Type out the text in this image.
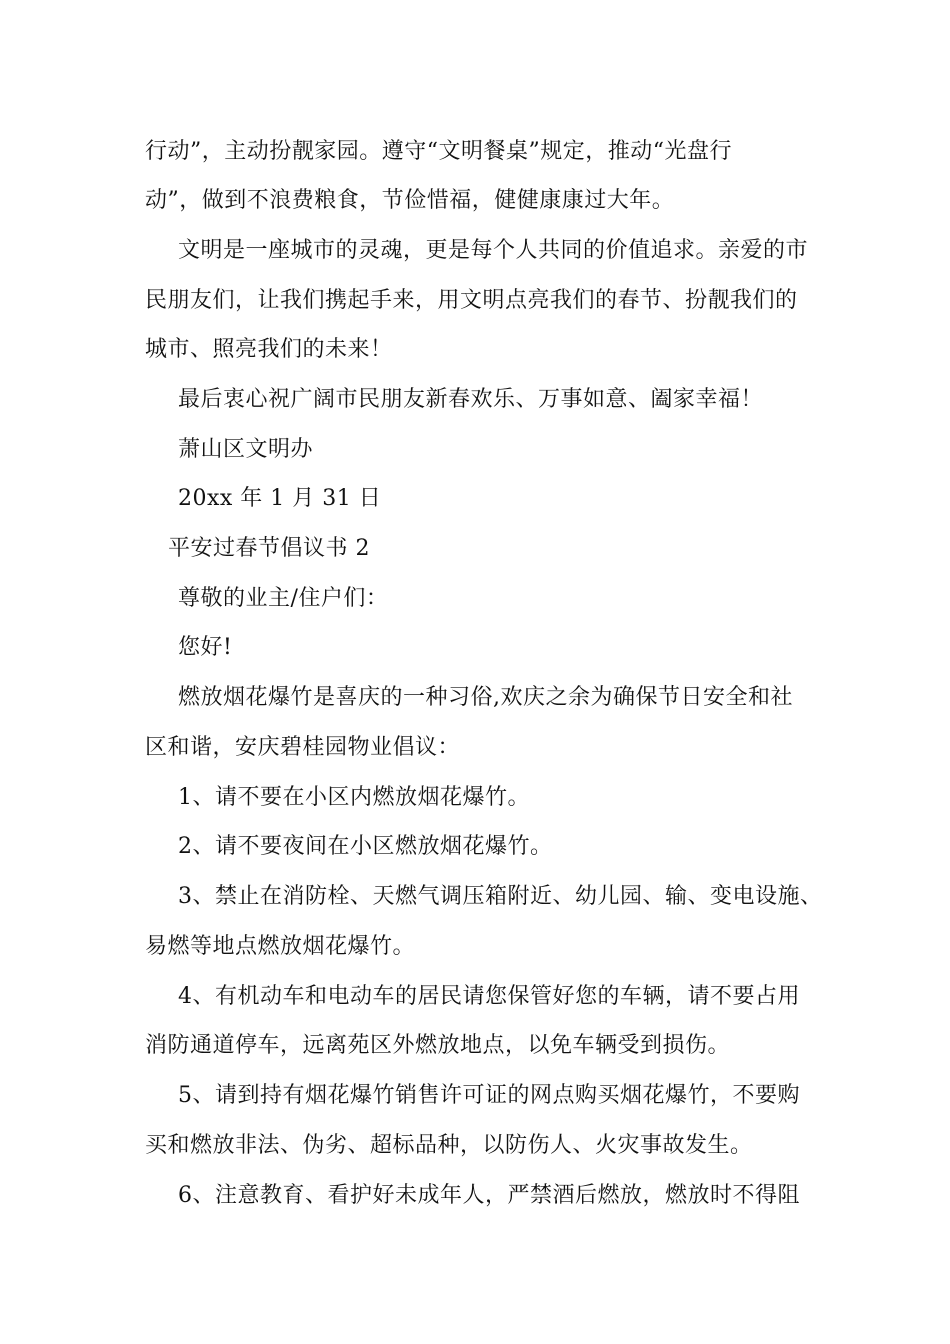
行动”，主动扮靓家园。遵守“文明餐桌”规定，推动“光盘行
动”，做到不浪费粮食，节俭惜福，健健康康过大年。
文明是一座城市的灵魂，更是每个人共同的价值追求。亲爱的市
民朋友们，让我们携起手来，用文明点亮我们的春节、扮靓我们的
城市、照亮我们的未来！
最后衷心祝广阔市民朋友新春欢乐、万事如意、阖家幸福！
萧山区文明办
20xx 年 1 月 31 日
平安过春节倡议书 2
尊敬的业主/住户们：
您好!
燃放烟花爆竹是喜庆的一种习俗,欢庆之余为确保节日安全和社
区和谐，安庆碧桂园物业倡议：
1、请不要在小区内燃放烟花爆竹。
2、请不要夜间在小区燃放烟花爆竹。
3、禁止在消防栓、天燃气调压箱附近、幼儿园、输、变电设施、
易燃等地点燃放烟花爆竹。
4、有机动车和电动车的居民请您保管好您的车辆，请不要占用
消防通道停车，远离苑区外燃放地点，以免车辆受到损伤。
5、请到持有烟花爆竹销售许可证的网点购买烟花爆竹，不要购
买和燃放非法、伪劣、超标品种，以防伤人、火灾事故发生。
6、注意教育、看护好未成年人，严禁酒后燃放，燃放时不得阻
